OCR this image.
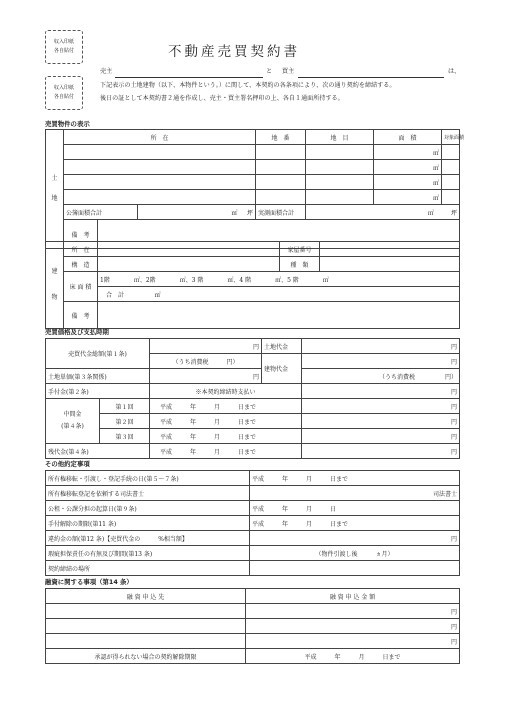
収入印紙
各自貼付
収入印紙
各自貼付
不動産売買契約書
売主	と 買主	は、
下記表示の土地建物（以下、本物件という。）に関して、本契約の各条項により、次の通り契約を締結する。
後日の証として本契約書２通を作成し、売主・買主署名押印の上、各自１通面所持する。
売買物件の表示
土
地	所　在			地　番	地　目	面　積	対象面積
						㎡	
						㎡	
						㎡	
						㎡	
	公簿面積合計		㎡ 坪	実測面積合計	㎡ 坪		
	備　考						
建
物	所　在		家屋番号	
	構　造		種　類	
	床 面 積	1階　　　　㎡、2階　　　　㎡、3 階　　　　㎡、4 階　　　　㎡、5 階　　　　㎡		
		合　計 ㎡		
	備　考			
売買価格及び支払時期
売買代金総額(第１条)		円	土地代金	円
		（うち消費税　　　円）	建物代金	円
土地単価(第３条関係)		円		（うち消費税　　　　　円）
手付金(第２条)		※本契約締結時支払い		円
中間金
(第４条)	第１回	平成　　　年　　　月　　　日まで		円
	第２回	平成　　　年　　　月　　　日まで		円
	第３回	平成　　　年　　　月　　　日まで		円
残代金(第４条)		平成　　　年　　　月　　　日まで		円
その他約定事項
所有権移転・引渡し・登記手続の日(第５〜７条)	平成　　　年　　　月　　　日まで
所有権移転登記を依頼する司法書士	司法書士
公租・公課分担の起算日(第９条)	平成　　　年　　　月　　　日
手付解除の期限(第11 条)	平成　　　年　　　月　　　日まで
違約金の額(第12 条)【売買代金の　　　%相当額】	円
瑕疵担保責任の有無及び期間(第13 条)	（物件引渡し後　　　ヵ月）
契約締結の場所	
融資に関する事項（第14 条）
融 資 申 込 先	融 資 申 込 金 額
	円
	円
	円
承認が得られない場合の契約解除期限	平成　　　年　　　月　　　日まで
